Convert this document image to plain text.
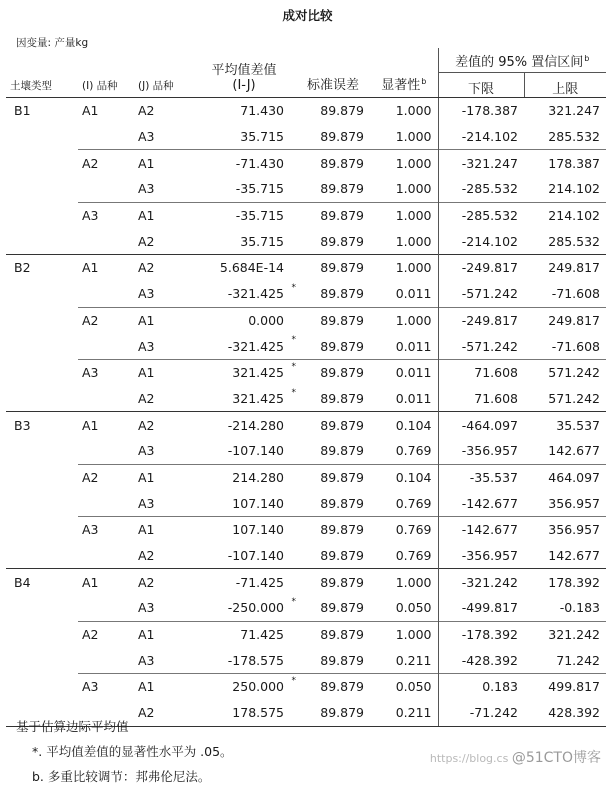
成对比较
因变量: 产量kg
土壤类型	(I) 品种	(J) 品种	平均值差值
(I-J)	标准误差	显著性$^b$	差值的 95% 置信区间$^b$
						下限	上限
B1	A1	A2	71.430	89.879	1.000	-178.387	321.247
		A3	35.715	89.879	1.000	-214.102	285.532
	A2	A1	-71.430	89.879	1.000	-321.247	178.387
		A3	-35.715	89.879	1.000	-285.532	214.102
	A3	A1	-35.715	89.879	1.000	-285.532	214.102
		A2	35.715	89.879	1.000	-214.102	285.532
B2	A1	A2	5.684E-14	89.879	1.000	-249.817	249.817
		A3	-321.425 *	89.879	0.011	-571.242	-71.608
	A2	A1	0.000	89.879	1.000	-249.817	249.817
		A3	-321.425 *	89.879	0.011	-571.242	-71.608
	A3	A1	321.425 *	89.879	0.011	71.608	571.242
		A2	321.425 *	89.879	0.011	71.608	571.242
B3	A1	A2	-214.280	89.879	0.104	-464.097	35.537
		A3	-107.140	89.879	0.769	-356.957	142.677
	A2	A1	214.280	89.879	0.104	-35.537	464.097
		A3	107.140	89.879	0.769	-142.677	356.957
	A3	A1	107.140	89.879	0.769	-142.677	356.957
		A2	-107.140	89.879	0.769	-356.957	142.677
B4	A1	A2	-71.425	89.879	1.000	-321.242	178.392
		A3	-250.000 *	89.879	0.050	-499.817	-0.183
	A2	A1	71.425	89.879	1.000	-178.392	321.242
		A3	-178.575	89.879	0.211	-428.392	71.242
	A3	A1	250.000 *	89.879	0.050	0.183	499.817
		A2	178.575	89.879	0.211	-71.242	428.392
基于估算边际平均值
*. 平均值差值的显著性水平为 .05。
b. 多重比较调节：邦弗伦尼法。
https://blog.cs @51CTO博客
